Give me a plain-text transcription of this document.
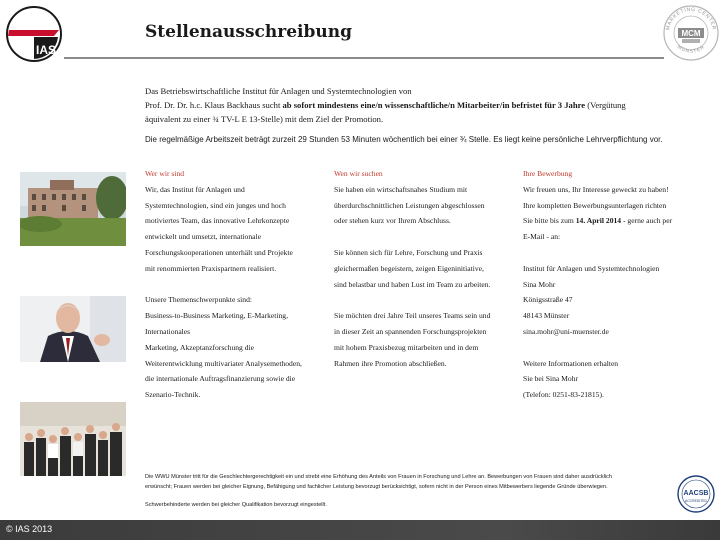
IAS
Stellenausschreibung	MARKETING CENTER
MÜNSTER
MCM
Das Betriebswirtschaftliche Institut für Anlagen und Systemtechnologien von
Prof. Dr. Dr. h.c. Klaus Backhaus sucht ab sofort mindestens eine/n wissenschaftliche/n Mitarbeiter/in befristet für 3 Jahre (Vergütung
äquivalent zu einer ¾ TV-L E 13-Stelle) mit dem Ziel der Promotion.
Die regelmäßige Arbeitszeit beträgt zurzeit 29 Stunden 53 Minuten wöchentlich bei einer ¾ Stelle. Es liegt keine persönliche Lehrverpflichtung vor.

Wer wir sind

Wir, das Institut für Anlagen und

Systemtechnologien, sind ein junges und hoch

motiviertes Team, das innovative Lehrkonzepte

entwickelt und umsetzt, internationale

Forschungskooperationen unterhält und Projekte

mit renommierten Praxispartnern realisiert.

Unsere Themenschwerpunkte sind:

Business-to-Business Marketing, E-Marketing,

Internationales

Marketing, Akzeptanzforschung die

Weiterentwicklung multivariater Analysemethoden,

die internationale Auftragsfinanzierung sowie die

Szenario-Technik.

Wen wir suchen

Sie haben ein wirtschaftsnahes Studium mit

überdurchschnittlichen Leistungen abgeschlossen

oder stehen kurz vor Ihrem Abschluss.

Sie können sich für Lehre, Forschung und Praxis

gleichermaßen begeistern, zeigen Eigeninitiative,

sind belastbar und haben Lust im Team zu arbeiten.

Sie möchten drei Jahre Teil unseres Teams sein und

in dieser Zeit an spannenden Forschungsprojekten

mit hohem Praxisbezug mitarbeiten und in dem

Rahmen ihre Promotion abschließen.

Ihre Bewerbung

Wir freuen uns, Ihr Interesse geweckt zu haben!

Ihre kompletten Bewerbungsunterlagen richten

Sie bitte bis zum 14. April 2014 - gerne auch per

E-Mail - an:

Institut für Anlagen und Systemtechnologien

Sina Mohr

Königsstraße 47

48143 Münster

sina.mohr@uni-muenster.de

Weitere Informationen erhalten

Sie bei Sina Mohr

(Telefon: 0251-83-21815).

Die WWU Münster tritt für die Geschlechtergerechtigkeit ein und strebt eine Erhöhung des Anteils von Frauen in Forschung und Lehre an. Bewerbungen von Frauen sind daher ausdrücklich
erwünscht; Frauen werden bei gleicher Eignung, Befähigung und fachlicher Leistung bevorzugt berücksichtigt, sofern nicht in der Person eines Mitbewerbers liegende Gründe überwiegen.
Schwerbehinderte werden bei gleicher Qualifikation bevorzugt eingestellt.
AACSB
ACCREDITED
© IAS 2013
